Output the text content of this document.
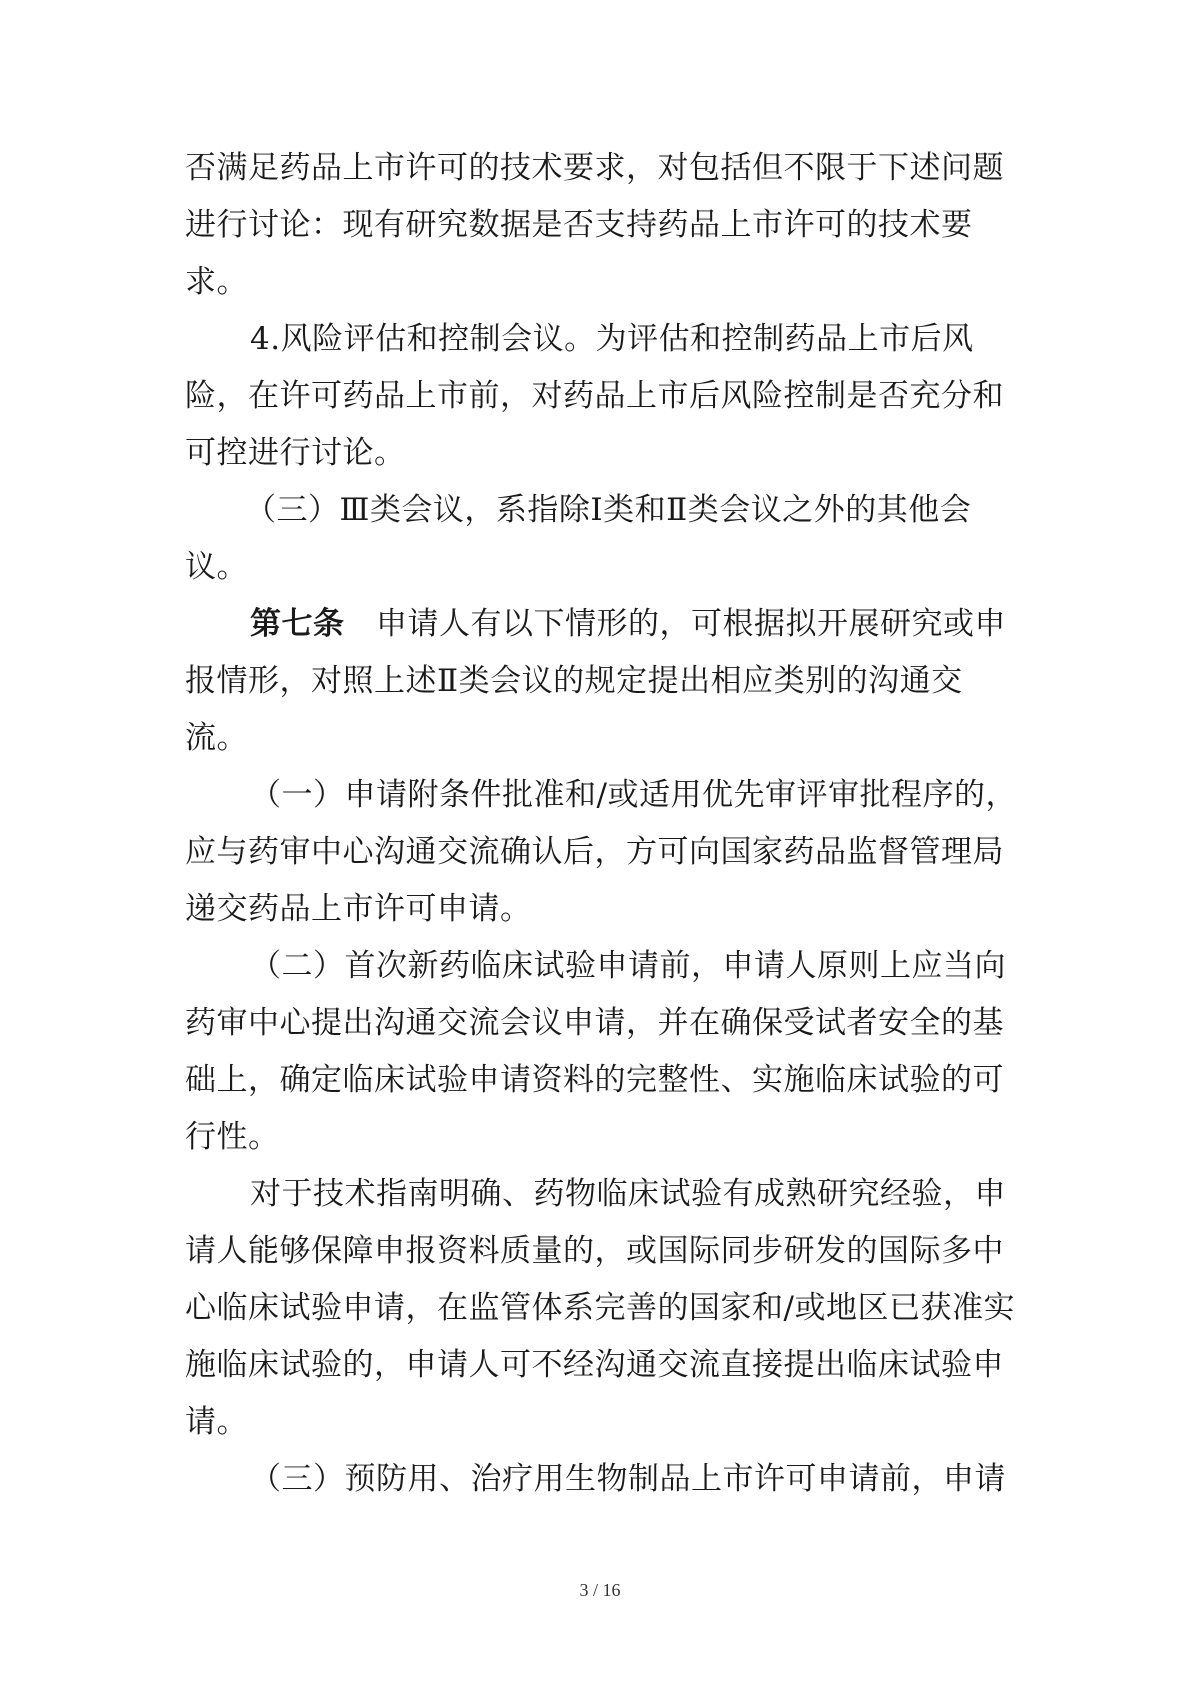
否满足药品上市许可的技术要求，对包括但不限于下述问题
进行讨论：现有研究数据是否支持药品上市许可的技术要
求。
4.风险评估和控制会议。为评估和控制药品上市后风
险，在许可药品上市前，对药品上市后风险控制是否充分和
可控进行讨论。
（三）Ⅲ类会议，系指除Ⅰ类和Ⅱ类会议之外的其他会
议。
第七条　申请人有以下情形的，可根据拟开展研究或申
报情形，对照上述Ⅱ类会议的规定提出相应类别的沟通交
流。
（一）申请附条件批准和/或适用优先审评审批程序的，
应与药审中心沟通交流确认后，方可向国家药品监督管理局
递交药品上市许可申请。
（二）首次新药临床试验申请前，申请人原则上应当向
药审中心提出沟通交流会议申请，并在确保受试者安全的基
础上，确定临床试验申请资料的完整性、实施临床试验的可
行性。
对于技术指南明确、药物临床试验有成熟研究经验，申
请人能够保障申报资料质量的，或国际同步研发的国际多中
心临床试验申请，在监管体系完善的国家和/或地区已获准实
施临床试验的，申请人可不经沟通交流直接提出临床试验申
请。
（三）预防用、治疗用生物制品上市许可申请前，申请
3 / 16
